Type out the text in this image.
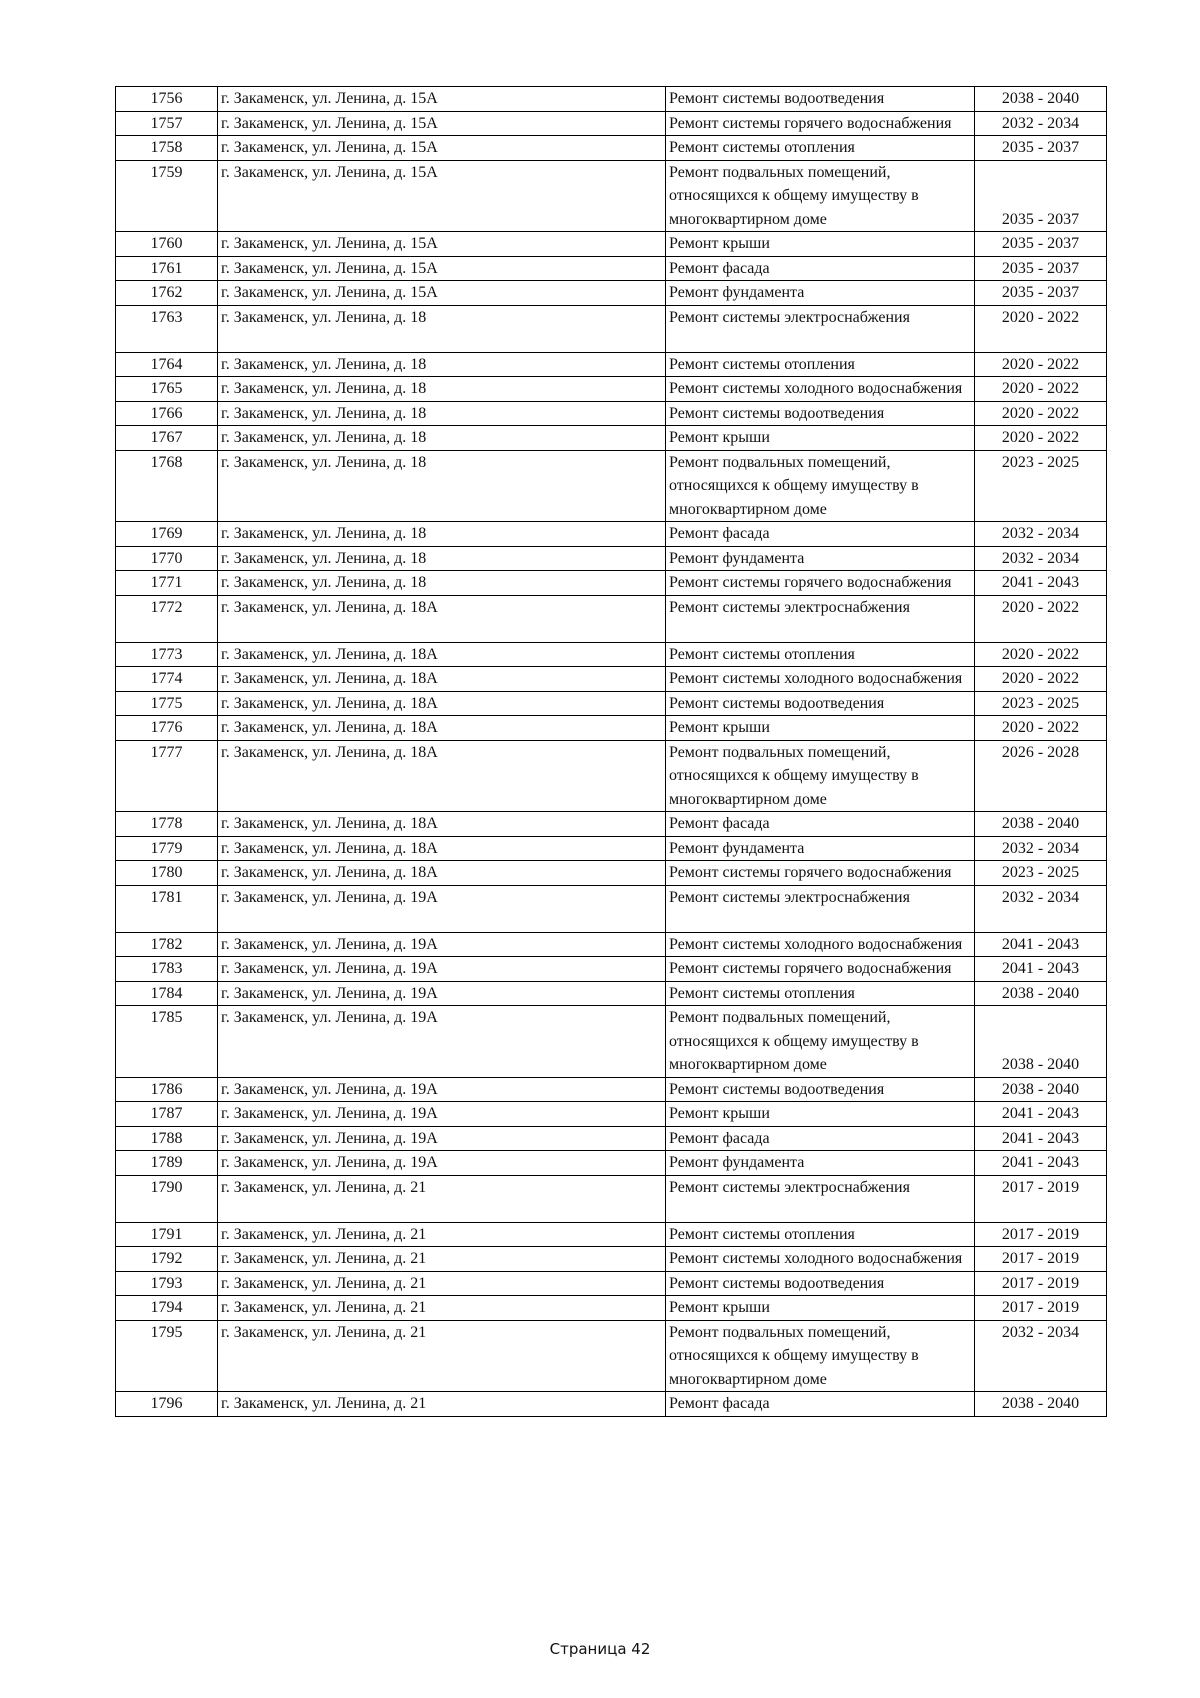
1756	г. Закаменск, ул. Ленина, д. 15А	Ремонт системы водоотведения	2038 - 2040
1757	г. Закаменск, ул. Ленина, д. 15А	Ремонт системы горячего водоснабжения	2032 - 2034
1758	г. Закаменск, ул. Ленина, д. 15А	Ремонт системы отопления	2035 - 2037
1759	г. Закаменск, ул. Ленина, д. 15А	Ремонт подвальных помещений, относящихся к общему имуществу в многоквартирном доме	2035 - 2037
1760	г. Закаменск, ул. Ленина, д. 15А	Ремонт крыши	2035 - 2037
1761	г. Закаменск, ул. Ленина, д. 15А	Ремонт фасада	2035 - 2037
1762	г. Закаменск, ул. Ленина, д. 15А	Ремонт фундамента	2035 - 2037
1763	г. Закаменск, ул. Ленина, д. 18	Ремонт системы электроснабжения	2020 - 2022
1764	г. Закаменск, ул. Ленина, д. 18	Ремонт системы отопления	2020 - 2022
1765	г. Закаменск, ул. Ленина, д. 18	Ремонт системы холодного водоснабжения	2020 - 2022
1766	г. Закаменск, ул. Ленина, д. 18	Ремонт системы водоотведения	2020 - 2022
1767	г. Закаменск, ул. Ленина, д. 18	Ремонт крыши	2020 - 2022
1768	г. Закаменск, ул. Ленина, д. 18	Ремонт подвальных помещений, относящихся к общему имуществу в многоквартирном доме	2023 - 2025
1769	г. Закаменск, ул. Ленина, д. 18	Ремонт фасада	2032 - 2034
1770	г. Закаменск, ул. Ленина, д. 18	Ремонт фундамента	2032 - 2034
1771	г. Закаменск, ул. Ленина, д. 18	Ремонт системы горячего водоснабжения	2041 - 2043
1772	г. Закаменск, ул. Ленина, д. 18А	Ремонт системы электроснабжения	2020 - 2022
1773	г. Закаменск, ул. Ленина, д. 18А	Ремонт системы отопления	2020 - 2022
1774	г. Закаменск, ул. Ленина, д. 18А	Ремонт системы холодного водоснабжения	2020 - 2022
1775	г. Закаменск, ул. Ленина, д. 18А	Ремонт системы водоотведения	2023 - 2025
1776	г. Закаменск, ул. Ленина, д. 18А	Ремонт крыши	2020 - 2022
1777	г. Закаменск, ул. Ленина, д. 18А	Ремонт подвальных помещений, относящихся к общему имуществу в многоквартирном доме	2026 - 2028
1778	г. Закаменск, ул. Ленина, д. 18А	Ремонт фасада	2038 - 2040
1779	г. Закаменск, ул. Ленина, д. 18А	Ремонт фундамента	2032 - 2034
1780	г. Закаменск, ул. Ленина, д. 18А	Ремонт системы горячего водоснабжения	2023 - 2025
1781	г. Закаменск, ул. Ленина, д. 19А	Ремонт системы электроснабжения	2032 - 2034
1782	г. Закаменск, ул. Ленина, д. 19А	Ремонт системы холодного водоснабжения	2041 - 2043
1783	г. Закаменск, ул. Ленина, д. 19А	Ремонт системы горячего водоснабжения	2041 - 2043
1784	г. Закаменск, ул. Ленина, д. 19А	Ремонт системы отопления	2038 - 2040
1785	г. Закаменск, ул. Ленина, д. 19А	Ремонт подвальных помещений, относящихся к общему имуществу в многоквартирном доме	2038 - 2040
1786	г. Закаменск, ул. Ленина, д. 19А	Ремонт системы водоотведения	2038 - 2040
1787	г. Закаменск, ул. Ленина, д. 19А	Ремонт крыши	2041 - 2043
1788	г. Закаменск, ул. Ленина, д. 19А	Ремонт фасада	2041 - 2043
1789	г. Закаменск, ул. Ленина, д. 19А	Ремонт фундамента	2041 - 2043
1790	г. Закаменск, ул. Ленина, д. 21	Ремонт системы электроснабжения	2017 - 2019
1791	г. Закаменск, ул. Ленина, д. 21	Ремонт системы отопления	2017 - 2019
1792	г. Закаменск, ул. Ленина, д. 21	Ремонт системы холодного водоснабжения	2017 - 2019
1793	г. Закаменск, ул. Ленина, д. 21	Ремонт системы водоотведения	2017 - 2019
1794	г. Закаменск, ул. Ленина, д. 21	Ремонт крыши	2017 - 2019
1795	г. Закаменск, ул. Ленина, д. 21	Ремонт подвальных помещений, относящихся к общему имуществу в многоквартирном доме	2032 - 2034
1796	г. Закаменск, ул. Ленина, д. 21	Ремонт фасада	2038 - 2040
Страница 42
